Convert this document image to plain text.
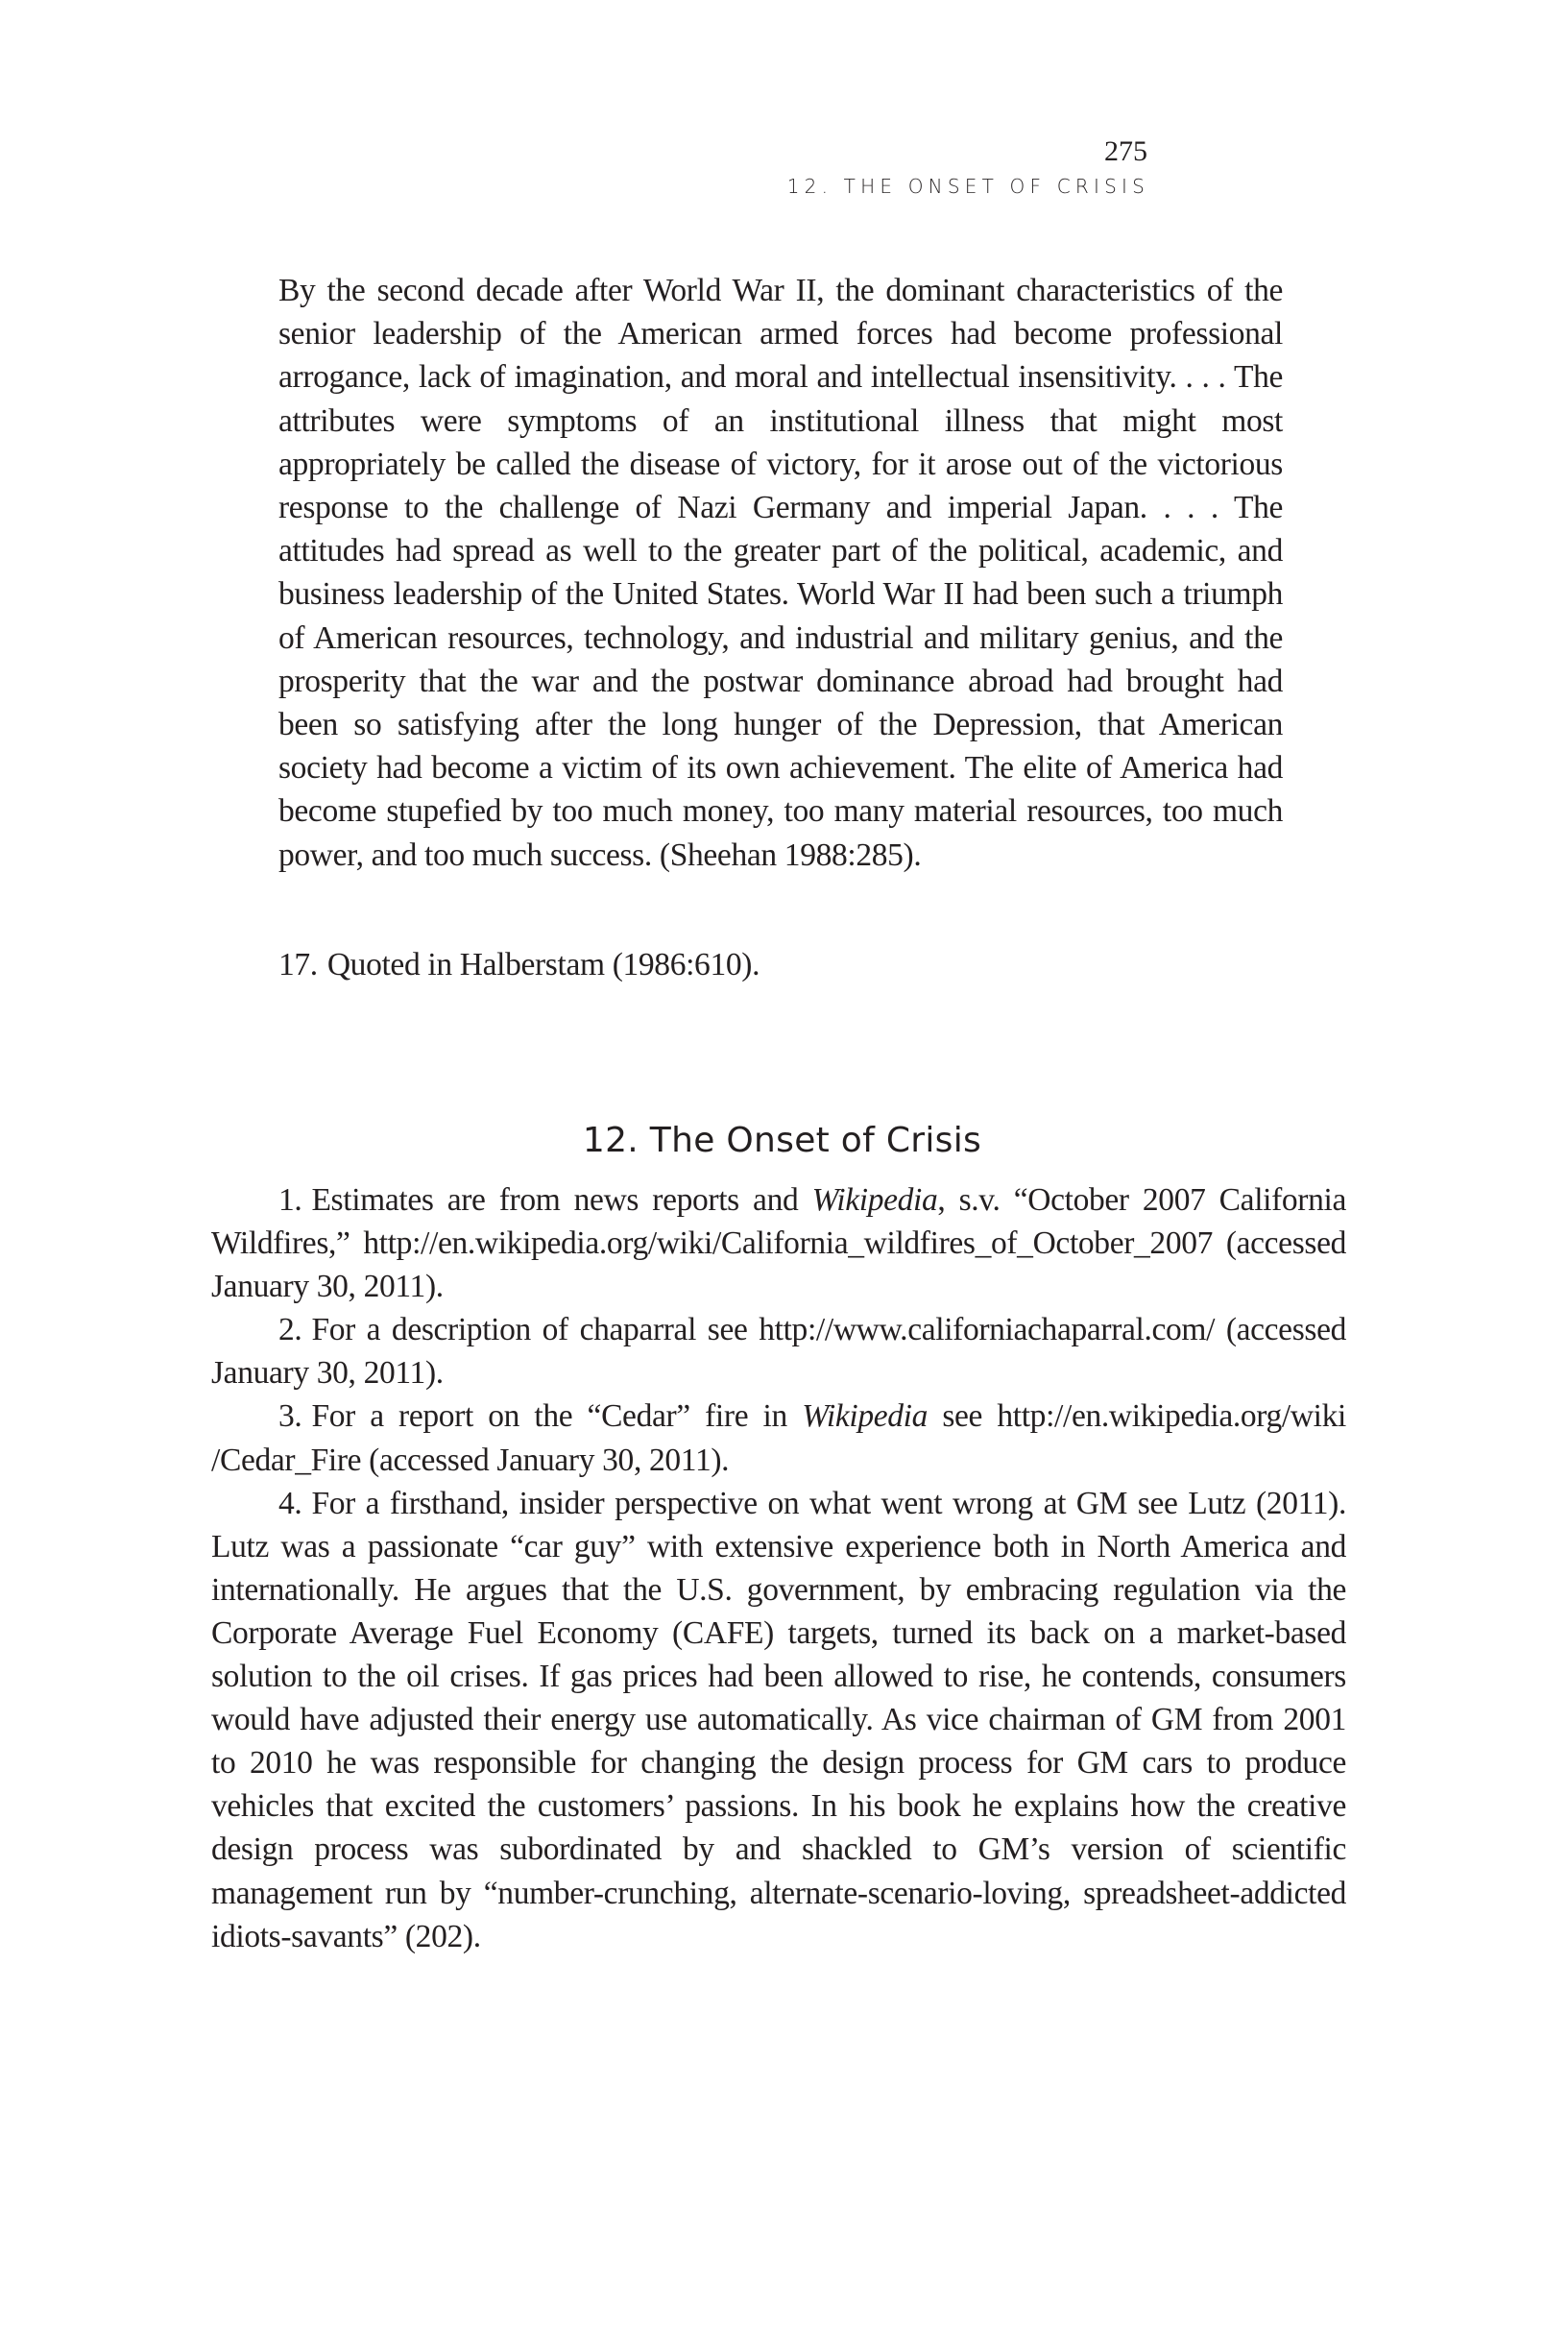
275
12. THE ONSET OF CRISIS

By the second decade after World War II, the dominant characteristics of the senior leadership of the American armed forces had become professional arrogance, lack of imagination, and moral and intellectual insensitivity. . . . The attributes were symptoms of an institutional illness that might most appropriately be called the disease of victory, for it arose out of the victorious response to the challenge of Nazi Germany and imperial Japan. . . . The attitudes had spread as well to the greater part of the political, academic, and business leadership of the United States. World War II had been such a triumph of American resources, technology, and industrial and military genius, and the prosperity that the war and the postwar dominance abroad had brought had been so satisfying after the long hunger of the Depression, that American society had become a victim of its own achievement. The elite of America had become stupefied by too much money, too many material resources, too much power, and too much success. (Sheehan 1988:285).

17. Quoted in Halberstam (1986:610).
12. The Onset of Crisis

1. Estimates are from news reports and Wikipedia, s.v. “October 2007 California Wildfires,” http://en.wikipedia.org/wiki/California_wildfires_of_October_2007 (accessed January 30, 2011).

2. For a description of chaparral see http://www.californiachaparral.com/ (accessed January 30, 2011).

3. For a report on the “Cedar” fire in Wikipedia see http://en.wikipedia.org/wiki /Cedar_Fire (accessed January 30, 2011).

4. For a firsthand, insider perspective on what went wrong at GM see Lutz (2011). Lutz was a passionate “car guy” with extensive experience both in North America and internationally. He argues that the U.S. government, by embracing regulation via the Corporate Average Fuel Economy (CAFE) targets, turned its back on a market-based solution to the oil crises. If gas prices had been allowed to rise, he contends, consumers would have adjusted their energy use automatically. As vice chairman of GM from 2001 to 2010 he was responsible for changing the design process for GM cars to produce vehicles that excited the customers’ passions. In his book he explains how the creative design process was subordinated by and shackled to GM’s version of scientific management run by “number-crunching, alternate-scenario-loving, spreadsheet-addicted idiots-savants” (202).
